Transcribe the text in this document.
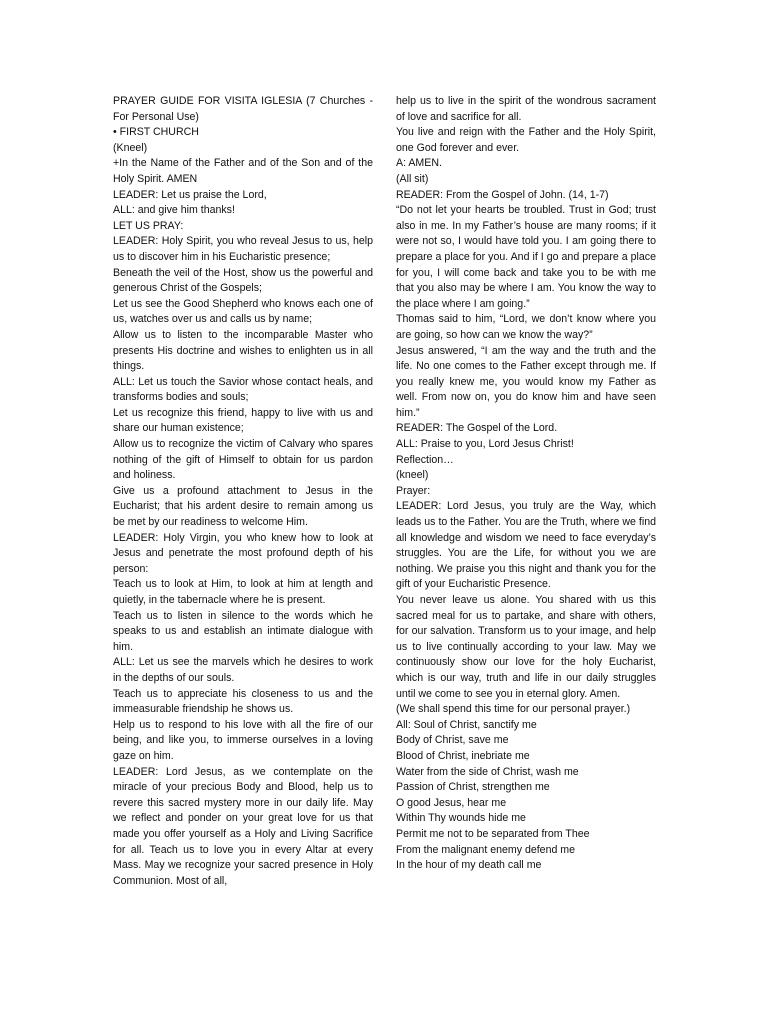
PRAYER GUIDE FOR VISITA IGLESIA (7 Churches - For Personal Use)

• FIRST CHURCH

(Kneel)

+In the Name of the Father and of the Son and of the Holy Spirit. AMEN

LEADER: Let us praise the Lord,

ALL: and give him thanks!

LET US PRAY:

LEADER: Holy Spirit, you who reveal Jesus to us, help us to discover him in his Eucharistic presence;

Beneath the veil of the Host, show us the powerful and generous Christ of the Gospels;

Let us see the Good Shepherd who knows each one of us, watches over us and calls us by name;

Allow us to listen to the incomparable Master who presents His doctrine and wishes to enlighten us in all things.

ALL: Let us touch the Savior whose contact heals, and transforms bodies and souls;

Let us recognize this friend, happy to live with us and share our human existence;

Allow us to recognize the victim of Calvary who spares nothing of the gift of Himself to obtain for us pardon and holiness.

Give us a profound attachment to Jesus in the Eucharist; that his ardent desire to remain among us be met by our readiness to welcome Him.

LEADER: Holy Virgin, you who knew how to look at Jesus and penetrate the most profound depth of his person:

Teach us to look at Him, to look at him at length and quietly, in the tabernacle where he is present.

Teach us to listen in silence to the words which he speaks to us and establish an intimate dialogue with him.

ALL: Let us see the marvels which he desires to work in the depths of our souls.

Teach us to appreciate his closeness to us and the immeasurable friendship he shows us.

Help us to respond to his love with all the fire of our being, and like you, to immerse ourselves in a loving gaze on him.

LEADER: Lord Jesus, as we contemplate on the miracle of your precious Body and Blood, help us to revere this sacred mystery more in our daily life. May we reflect and ponder on your great love for us that made you offer yourself as a Holy and Living Sacrifice for all. Teach us to love you in every Altar at every Mass. May we recognize your sacred presence in Holy Communion. Most of all,

help us to live in the spirit of the wondrous sacrament of love and sacrifice for all.

You live and reign with the Father and the Holy Spirit, one God forever and ever.

A: AMEN.

(All sit)

READER: From the Gospel of John. (14, 1-7)

“Do not let your hearts be troubled. Trust in God; trust also in me. In my Father’s house are many rooms; if it were not so, I would have told you. I am going there to prepare a place for you. And if I go and prepare a place for you, I will come back and take you to be with me that you also may be where I am. You know the way to the place where I am going.”

Thomas said to him, “Lord, we don’t know where you are going, so how can we know the way?”

Jesus answered, “I am the way and the truth and the life. No one comes to the Father except through me. If you really knew me, you would know my Father as well. From now on, you do know him and have seen him.”

READER: The Gospel of the Lord.

ALL: Praise to you, Lord Jesus Christ!

Reflection…

(kneel)

Prayer:

LEADER: Lord Jesus, you truly are the Way, which leads us to the Father. You are the Truth, where we find all knowledge and wisdom we need to face everyday’s struggles. You are the Life, for without you we are nothing. We praise you this night and thank you for the gift of your Eucharistic Presence.

You never leave us alone. You shared with us this sacred meal for us to partake, and share with others, for our salvation. Transform us to your image, and help us to live continually according to your law. May we continuously show our love for the holy Eucharist, which is our way, truth and life in our daily struggles until we come to see you in eternal glory. Amen.

(We shall spend this time for our personal prayer.)

All: Soul of Christ, sanctify me

Body of Christ, save me

Blood of Christ, inebriate me

Water from the side of Christ, wash me

Passion of Christ, strengthen me

O good Jesus, hear me

Within Thy wounds hide me

Permit me not to be separated from Thee

From the malignant enemy defend me

In the hour of my death call me
